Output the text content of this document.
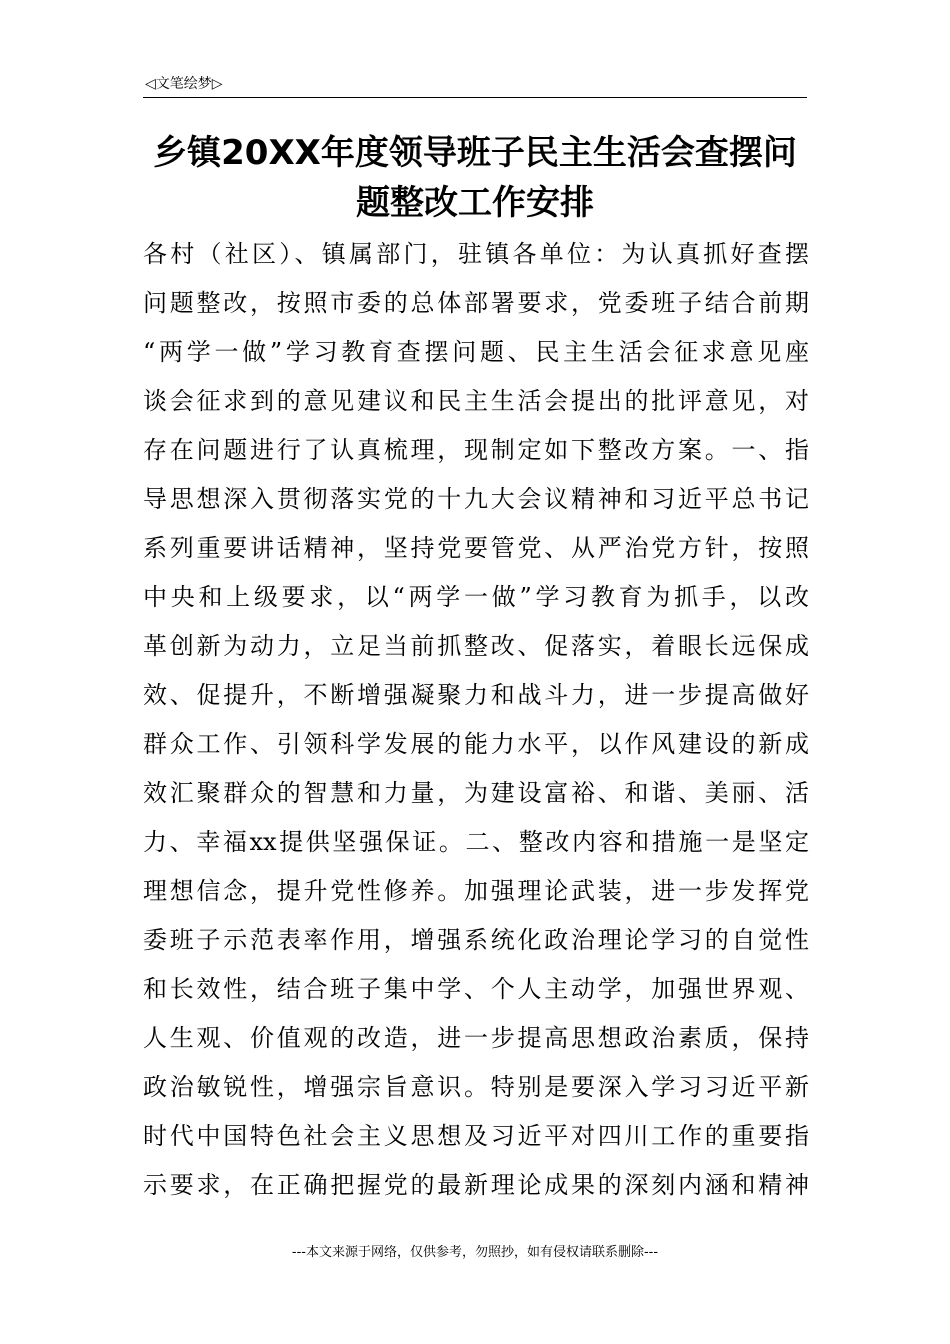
◁文笔绘梦▷
乡镇20XX年度领导班子民主生活会查摆问
题整改工作安排
各村（社区）、镇属部门，驻镇各单位：为认真抓好查摆
问题整改，按照市委的总体部署要求，党委班子结合前期
“两学一做”学习教育查摆问题、民主生活会征求意见座
谈会征求到的意见建议和民主生活会提出的批评意见，对
存在问题进行了认真梳理，现制定如下整改方案。一、指
导思想深入贯彻落实党的十九大会议精神和习近平总书记
系列重要讲话精神，坚持党要管党、从严治党方针，按照
中央和上级要求，以“两学一做”学习教育为抓手，以改
革创新为动力，立足当前抓整改、促落实，着眼长远保成
效、促提升，不断增强凝聚力和战斗力，进一步提高做好
群众工作、引领科学发展的能力水平，以作风建设的新成
效汇聚群众的智慧和力量，为建设富裕、和谐、美丽、活
力、幸福xx提供坚强保证。二、整改内容和措施一是坚定
理想信念，提升党性修养。加强理论武装，进一步发挥党
委班子示范表率作用，增强系统化政治理论学习的自觉性
和长效性，结合班子集中学、个人主动学，加强世界观、
人生观、价值观的改造，进一步提高思想政治素质，保持
政治敏锐性，增强宗旨意识。特别是要深入学习习近平新
时代中国特色社会主义思想及习近平对四川工作的重要指
示要求，在正确把握党的最新理论成果的深刻内涵和精神
---本文来源于网络，仅供参考，勿照抄，如有侵权请联系删除---
